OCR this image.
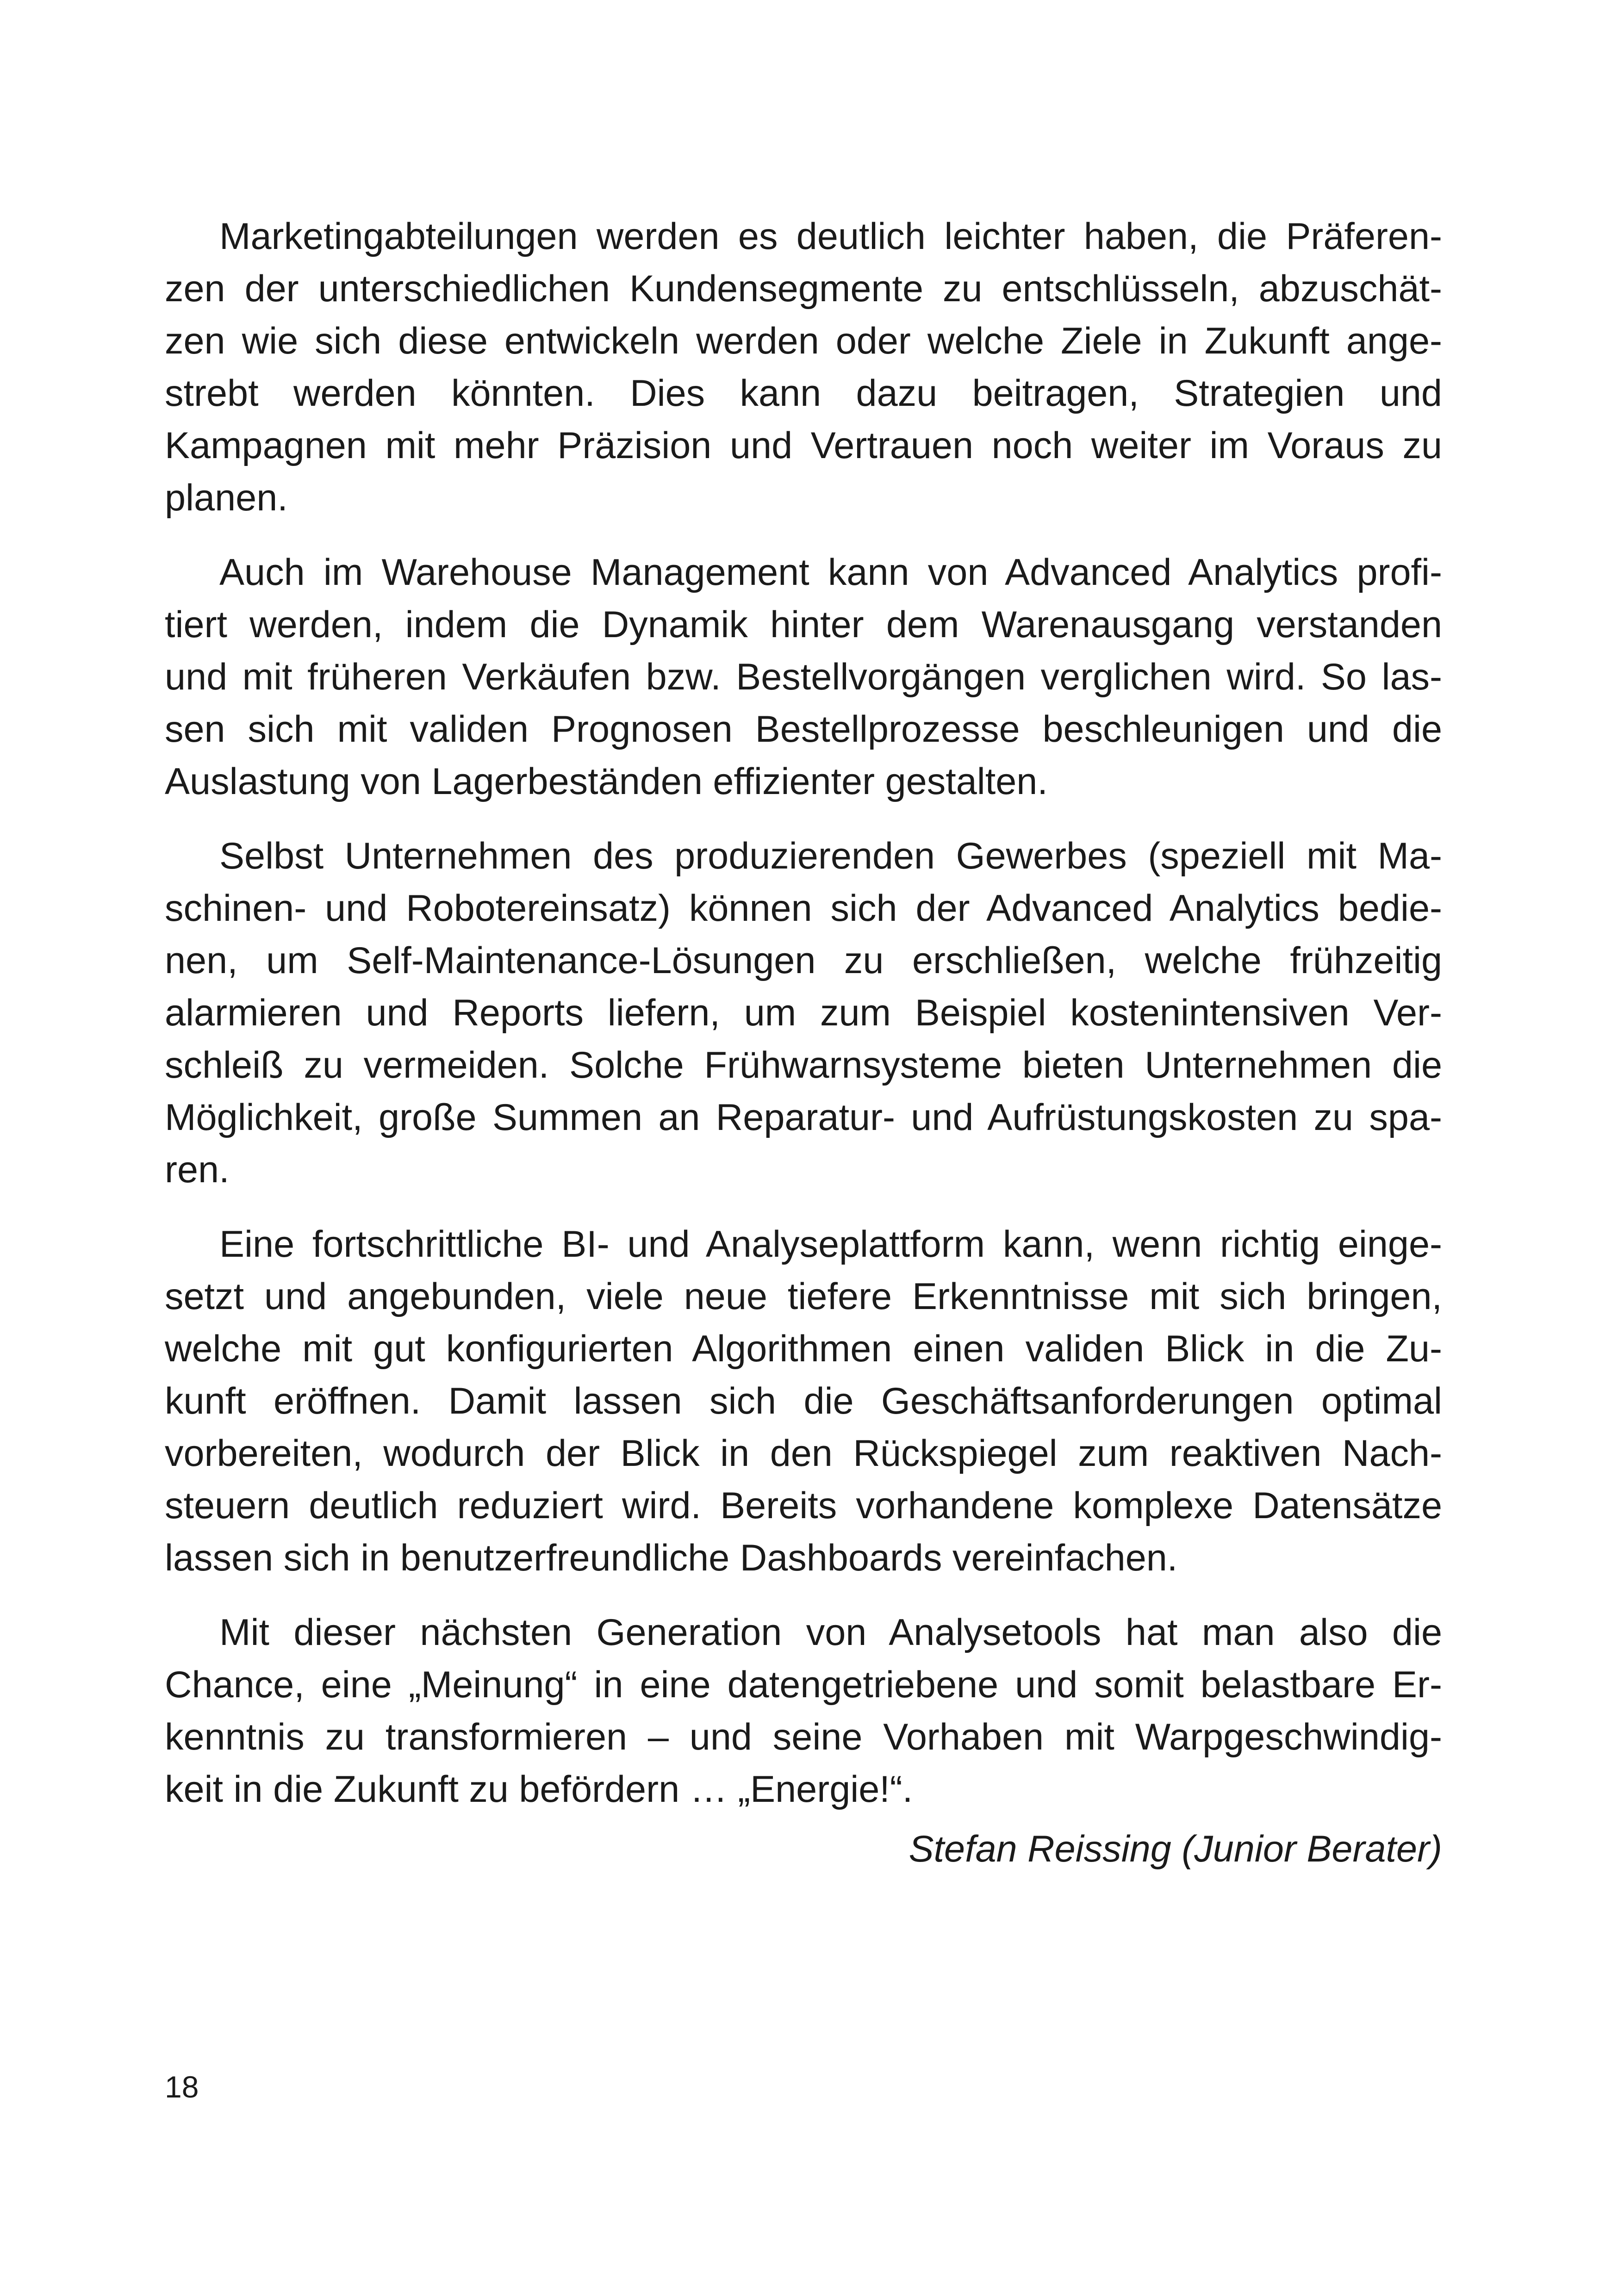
Marketingabteilungen werden es deutlich leichter haben, die Präferen-
zen der unterschiedlichen Kundensegmente zu entschlüsseln, abzuschät-
zen wie sich diese entwickeln werden oder welche Ziele in Zukunft ange-
strebt werden könnten. Dies kann dazu beitragen, Strategien und
Kampagnen mit mehr Präzision und Vertrauen noch weiter im Voraus zu
planen.

Auch im Warehouse Management kann von Advanced Analytics profi-
tiert werden, indem die Dynamik hinter dem Warenausgang verstanden
und mit früheren Verkäufen bzw. Bestellvorgängen verglichen wird. So las-
sen sich mit validen Prognosen Bestellprozesse beschleunigen und die
Auslastung von Lagerbeständen effizienter gestalten.

Selbst Unternehmen des produzierenden Gewerbes (speziell mit Ma-
schinen- und Robotereinsatz) können sich der Advanced Analytics bedie-
nen, um Self-Maintenance-Lösungen zu erschließen, welche frühzeitig
alarmieren und Reports liefern, um zum Beispiel kostenintensiven Ver-
schleiß zu vermeiden. Solche Frühwarnsysteme bieten Unternehmen die
Möglichkeit, große Summen an Reparatur- und Aufrüstungskosten zu spa-
ren.

Eine fortschrittliche BI- und Analyseplattform kann, wenn richtig einge-
setzt und angebunden, viele neue tiefere Erkenntnisse mit sich bringen,
welche mit gut konfigurierten Algorithmen einen validen Blick in die Zu-
kunft eröffnen. Damit lassen sich die Geschäftsanforderungen optimal
vorbereiten, wodurch der Blick in den Rückspiegel zum reaktiven Nach-
steuern deutlich reduziert wird. Bereits vorhandene komplexe Datensätze
lassen sich in benutzerfreundliche Dashboards vereinfachen.

Mit dieser nächsten Generation von Analysetools hat man also die
Chance, eine „Meinung“ in eine datengetriebene und somit belastbare Er-
kenntnis zu transformieren – und seine Vorhaben mit Warpgeschwindig-
keit in die Zukunft zu befördern … „Energie!“.

Stefan Reissing (Junior Berater)
18
